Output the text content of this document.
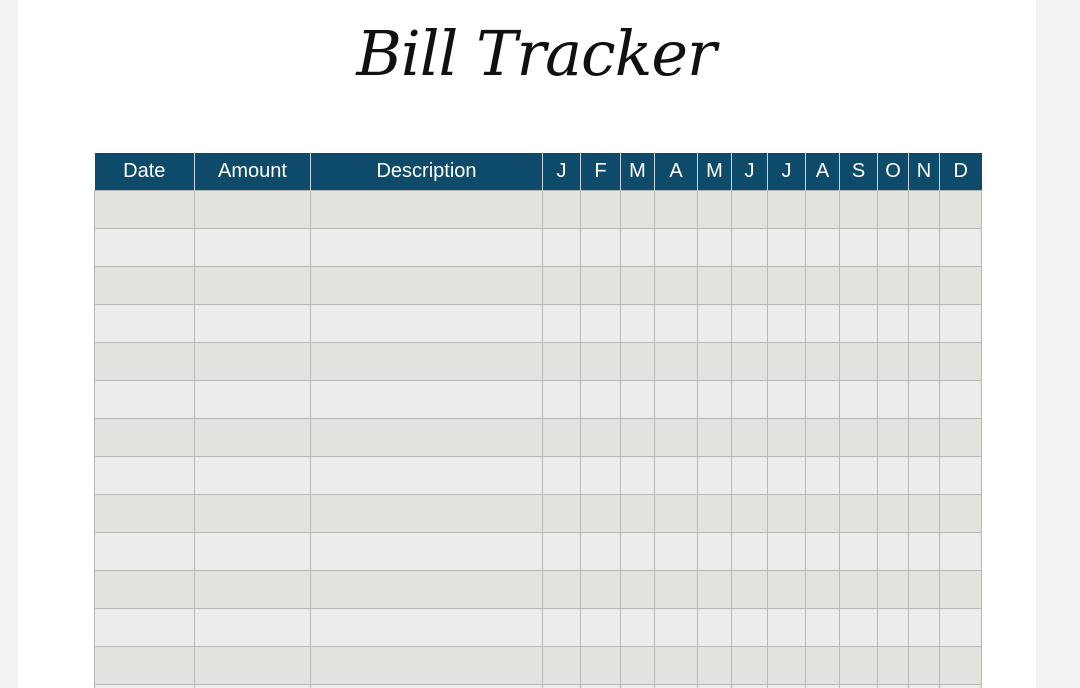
Bill Tracker
Date	Amount	Description	J	F	M	A	M	J	J	A	S	O	N	D
